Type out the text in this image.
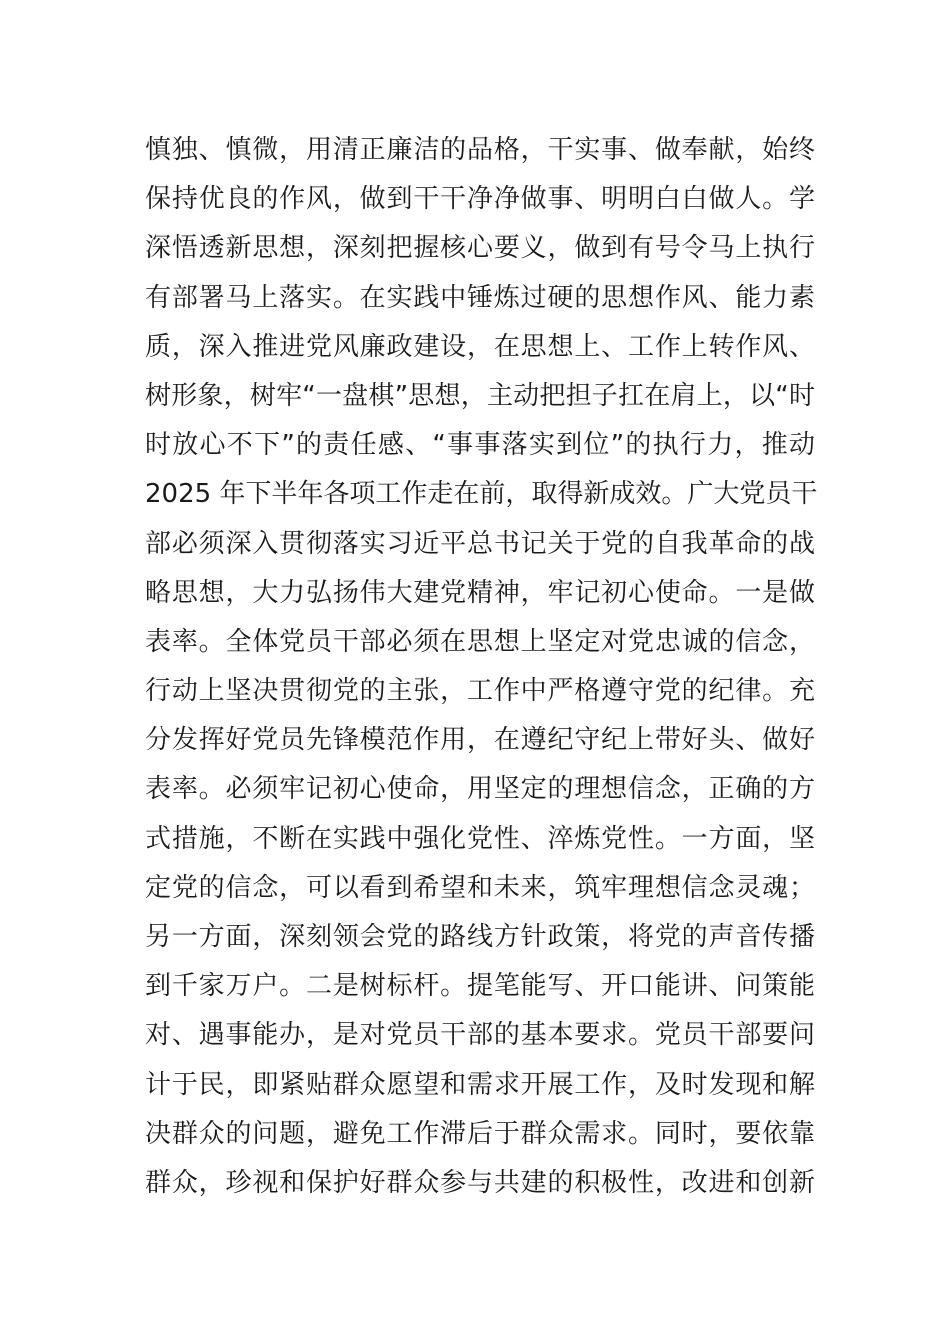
慎独、慎微，用清正廉洁的品格，干实事、做奉献，始终
保持优良的作风，做到干干净净做事、明明白白做人。学
深悟透新思想，深刻把握核心要义，做到有号令马上执行
有部署马上落实。在实践中锤炼过硬的思想作风、能力素
质，深入推进党风廉政建设，在思想上、工作上转作风、
树形象，树牢“一盘棋”思想，主动把担子扛在肩上，以“时
时放心不下”的责任感、“事事落实到位”的执行力，推动
2025 年下半年各项工作走在前，取得新成效。广大党员干
部必须深入贯彻落实习近平总书记关于党的自我革命的战
略思想，大力弘扬伟大建党精神，牢记初心使命。一是做
表率。全体党员干部必须在思想上坚定对党忠诚的信念，
行动上坚决贯彻党的主张，工作中严格遵守党的纪律。充
分发挥好党员先锋模范作用，在遵纪守纪上带好头、做好
表率。必须牢记初心使命，用坚定的理想信念，正确的方
式措施，不断在实践中强化党性、淬炼党性。一方面，坚
定党的信念，可以看到希望和未来，筑牢理想信念灵魂；
另一方面，深刻领会党的路线方针政策，将党的声音传播
到千家万户。二是树标杆。提笔能写、开口能讲、问策能
对、遇事能办，是对党员干部的基本要求。党员干部要问
计于民，即紧贴群众愿望和需求开展工作，及时发现和解
决群众的问题，避免工作滞后于群众需求。同时，要依靠
群众，珍视和保护好群众参与共建的积极性，改进和创新
